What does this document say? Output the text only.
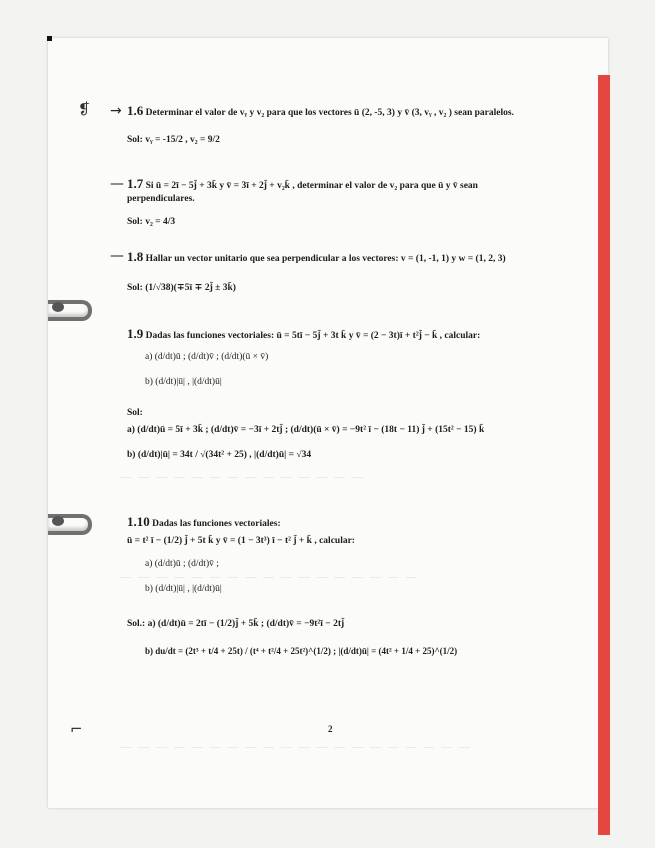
❡
⌐
→
—
—
1.6 Determinar el valor de vᵧ y v₂ para que los vectores ū (2, -5, 3) y v̄ (3, vᵧ , v₂ ) sean paralelos.
Sol: vᵧ = -15/2 , v₂ = 9/2
1.7 Si ū = 2ī − 5j̄ + 3k̄ y v̄ = 3ī + 2j̄ + v₂k̄ , determinar el valor de v₂ para que ū y v̄ sean perpendiculares.
Sol: v₂ = 4/3
1.8 Hallar un vector unitario que sea perpendicular a los vectores: v = (1, -1, 1) y w = (1, 2, 3)
Sol: (1/√38)(∓5ī ∓ 2j̄ ± 3k̄)
1.9 Dadas las funciones vectoriales: ū = 5tī − 5j̄ + 3t k̄ y v̄ = (2 − 3t)ī + t²j̄ − k̄ , calcular:
a) (d/dt)ū ; (d/dt)v̄ ; (d/dt)(ū × v̄)
b) (d/dt)|ū| , |(d/dt)ū|
Sol:
a) (d/dt)ū = 5ī + 3k̄ ; (d/dt)v̄ = −3ī + 2tj̄ ; (d/dt)(ū × v̄) = −9t² ī − (18t − 11) j̄ + (15t² − 15) k̄
b) (d/dt)|ū| = 34t / √(34t² + 25) , |(d/dt)ū| = √34
1.10 Dadas las funciones vectoriales:
ū = t² ī − (1/2) j̄ + 5t k̄ y v̄ = (1 − 3t³) ī − t² j̄ + k̄ , calcular:
a) (d/dt)ū ; (d/dt)v̄ ;
b) (d/dt)|ū| , |(d/dt)ū|
Sol.: a) (d/dt)ū = 2tī − (1/2)j̄ + 5k̄ ; (d/dt)v̄ = −9t²ī − 2tj̄
b) du/dt = (2t³ + t/4 + 25t) / (t⁴ + t²/4 + 25t²)^(1/2) ; |(d/dt)ū| = (4t² + 1/4 + 25)^(1/2)
2
— — — — — — — — — — — — — —
— — — — — — — — — — — — — — — — —
— — — — — — — — — — — — — — — — — — — —
